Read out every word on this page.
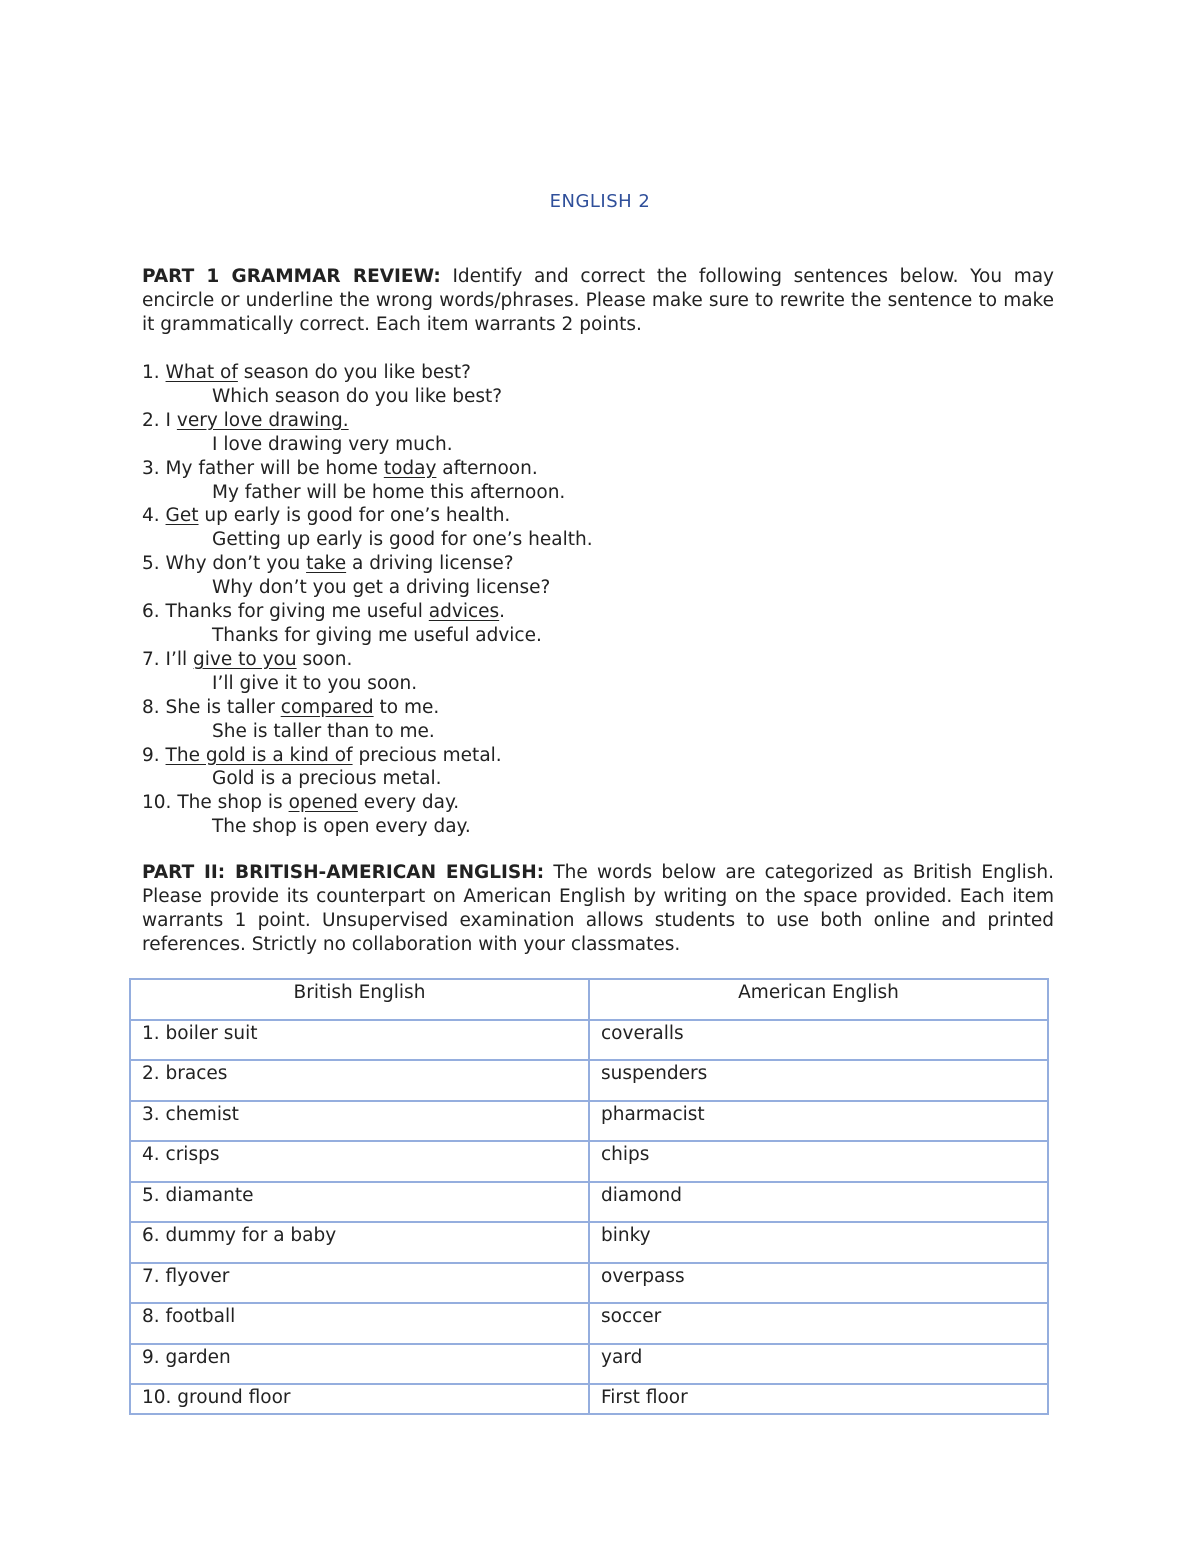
ENGLISH 2
PART 1 GRAMMAR REVIEW: Identify and correct the following sentences below. You may encircle or underline the wrong words/phrases. Please make sure to rewrite the sentence to make it grammatically correct. Each item warrants 2 points.
1. What of season do you like best?
Which season do you like best?
2. I very love drawing.
I love drawing very much.
3. My father will be home today afternoon.
My father will be home this afternoon.
4. Get up early is good for one’s health.
Getting up early is good for one’s health.
5. Why don’t you take a driving license?
Why don’t you get a driving license?
6. Thanks for giving me useful advices.
Thanks for giving me useful advice.
7. I’ll give to you soon.
I’ll give it to you soon.
8. She is taller compared to me.
She is taller than to me.
9. The gold is a kind of precious metal.
Gold is a precious metal.
10. The shop is opened every day.
The shop is open every day.
PART II: BRITISH-AMERICAN ENGLISH: The words below are categorized as British English. Please provide its counterpart on American English by writing on the space provided. Each item warrants 1 point. Unsupervised examination allows students to use both online and printed references. Strictly no collaboration with your classmates.
British English	American English
1. boiler suit	coveralls
2. braces	suspenders
3. chemist	pharmacist
4. crisps	chips
5. diamante	diamond
6. dummy for a baby	binky
7. flyover	overpass
8. football	soccer
9. garden	yard
10. ground floor	First floor
